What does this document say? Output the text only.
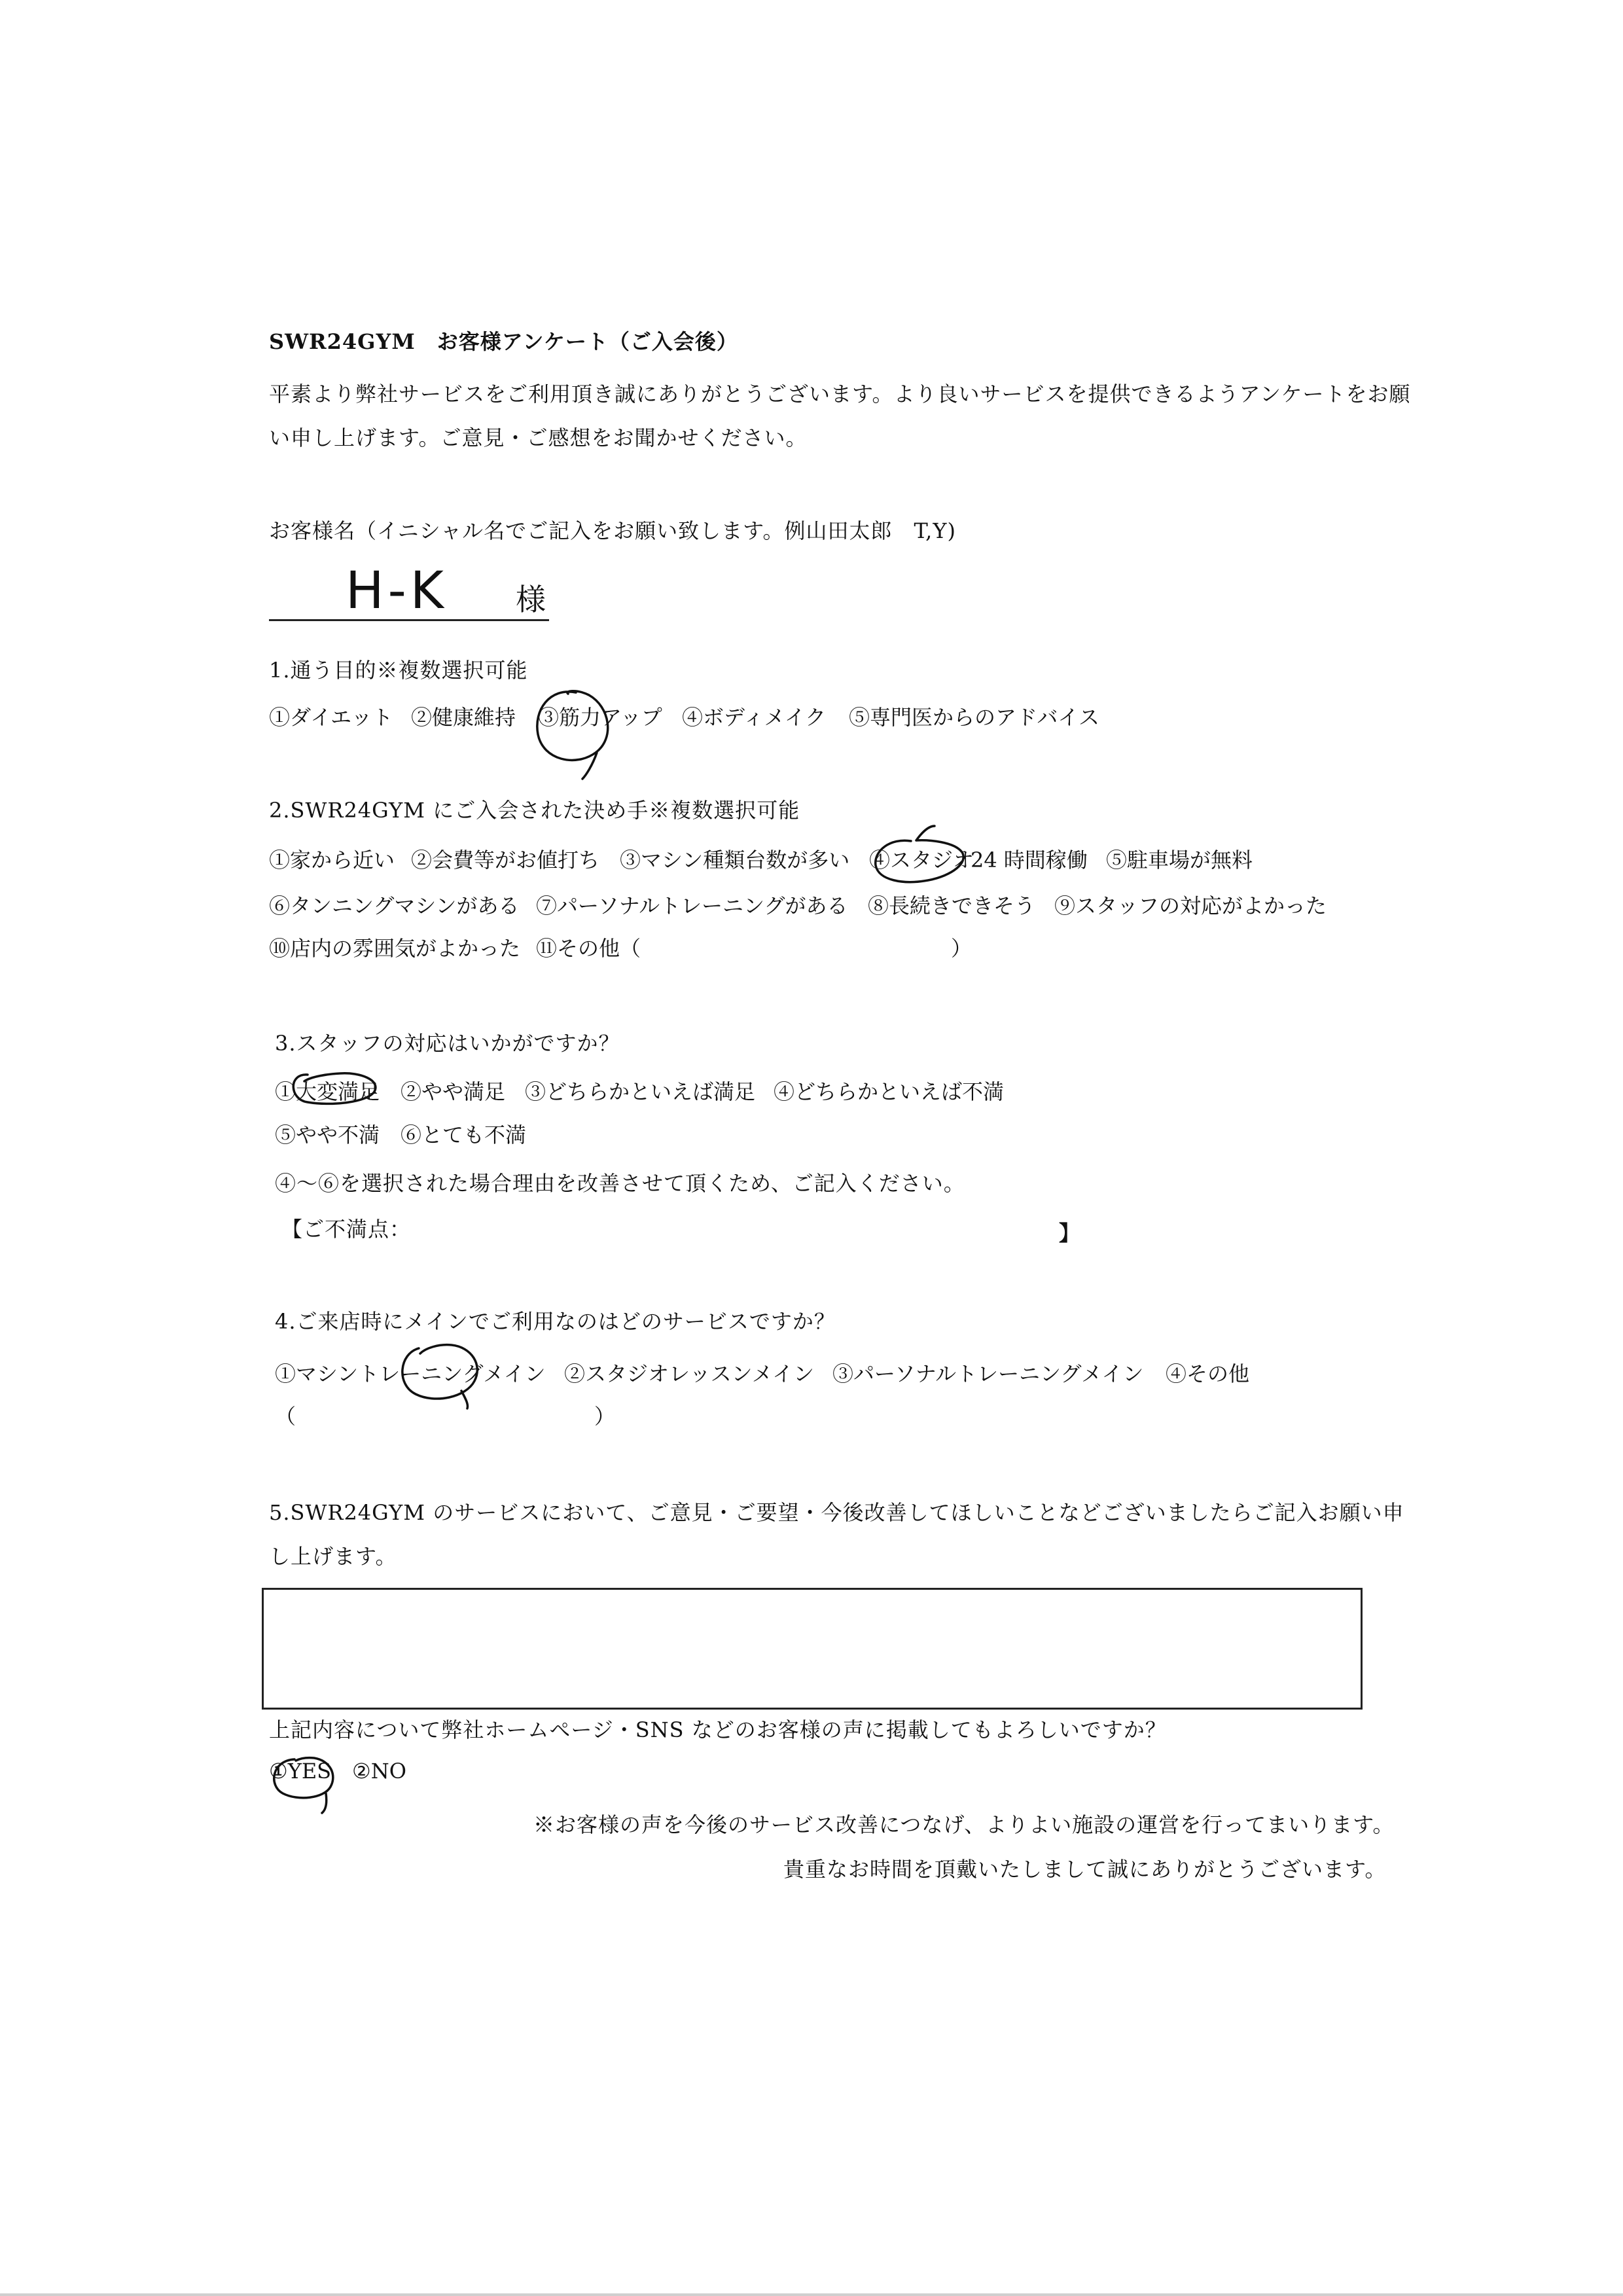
SWR24GYM　お客様アンケート（ご入会後）
平素より弊社サービスをご利用頂き誠にありがとうございます。より良いサービスを提供できるようアンケートをお願
い申し上げます。ご意見・ご感想をお聞かせください。
お客様名（イニシャル名でご記入をお願い致します。例山田太郎　T,Y)
H-K 様
1.通う目的※複数選択可能
①ダイエット ②健康維持 ③筋力アップ ④ボディメイク ⑤専門医からのアドバイス
2.SWR24GYM にご入会された決め手※複数選択可能
①家から近い ②会費等がお値打ち ③マシン種類台数が多い ④スタジオ
24 時間稼働 ⑤駐車場が無料
⑥タンニングマシンがある ⑦パーソナルトレーニングがある ⑧長続きできそう ⑨スタッフの対応がよかった
⑩店内の雰囲気がよかった ⑪その他（	）
3.スタッフの対応はいかがですか？
①大変満足 ②やや満足 ③どちらかといえば満足 ④どちらかといえば不満
⑤やや不満 ⑥とても不満
④～⑥を選択された場合理由を改善させて頂くため、ご記入ください。
【ご不満点：	】
4.ご来店時にメインでご利用なのはどのサービスですか？
①マシントレーニングメイン ②スタジオレッスンメイン ③パーソナルトレーニングメイン ④その他
（	）
5.SWR24GYM のサービスにおいて、ご意見・ご要望・今後改善してほしいことなどございましたらご記入お願い申
し上げます。
上記内容について弊社ホームページ・SNS などのお客様の声に掲載してもよろしいですか？
①YES ②NO
※お客様の声を今後のサービス改善につなげ、よりよい施設の運営を行ってまいります。
貴重なお時間を頂戴いたしまして誠にありがとうございます。
